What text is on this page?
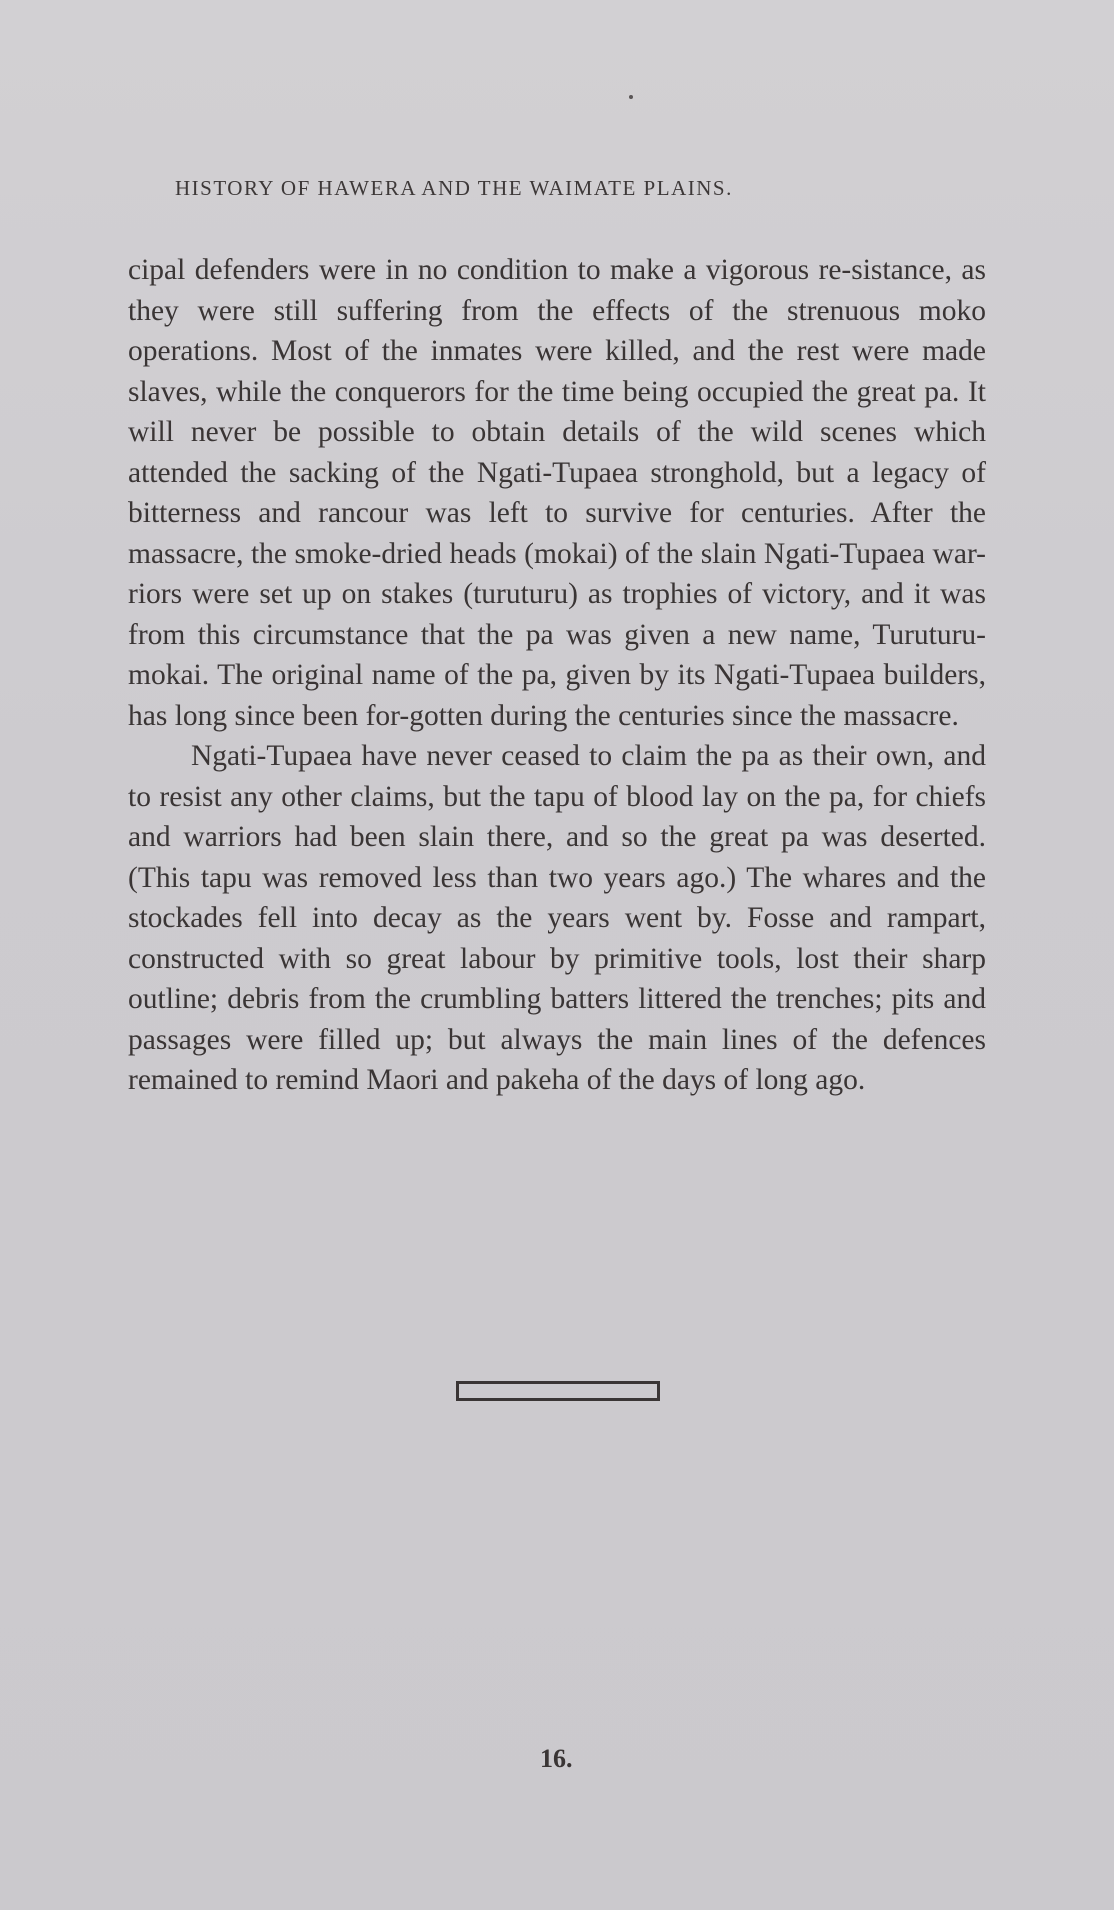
HISTORY OF HAWERA AND THE WAIMATE PLAINS.

cipal defenders were in no condition to make a vigorous re-sistance, as they were still suffering from the effects of the strenuous moko operations. Most of the inmates were killed, and the rest were made slaves, while the conquerors for the time being occupied the great pa. It will never be possible to obtain details of the wild scenes which attended the sacking of the Ngati-Tupaea stronghold, but a legacy of bitterness and rancour was left to survive for centuries. After the massacre, the smoke-dried heads (mokai) of the slain Ngati-Tupaea war-riors were set up on stakes (turuturu) as trophies of victory, and it was from this circumstance that the pa was given a new name, Turuturu-mokai. The original name of the pa, given by its Ngati-Tupaea builders, has long since been for-gotten during the centuries since the massacre.

Ngati-Tupaea have never ceased to claim the pa as their own, and to resist any other claims, but the tapu of blood lay on the pa, for chiefs and warriors had been slain there, and so the great pa was deserted. (This tapu was removed less than two years ago.) The whares and the stockades fell into decay as the years went by. Fosse and rampart, constructed with so great labour by primitive tools, lost their sharp outline; debris from the crumbling batters littered the trenches; pits and passages were filled up; but always the main lines of the defences remained to remind Maori and pakeha of the days of long ago.

16.
